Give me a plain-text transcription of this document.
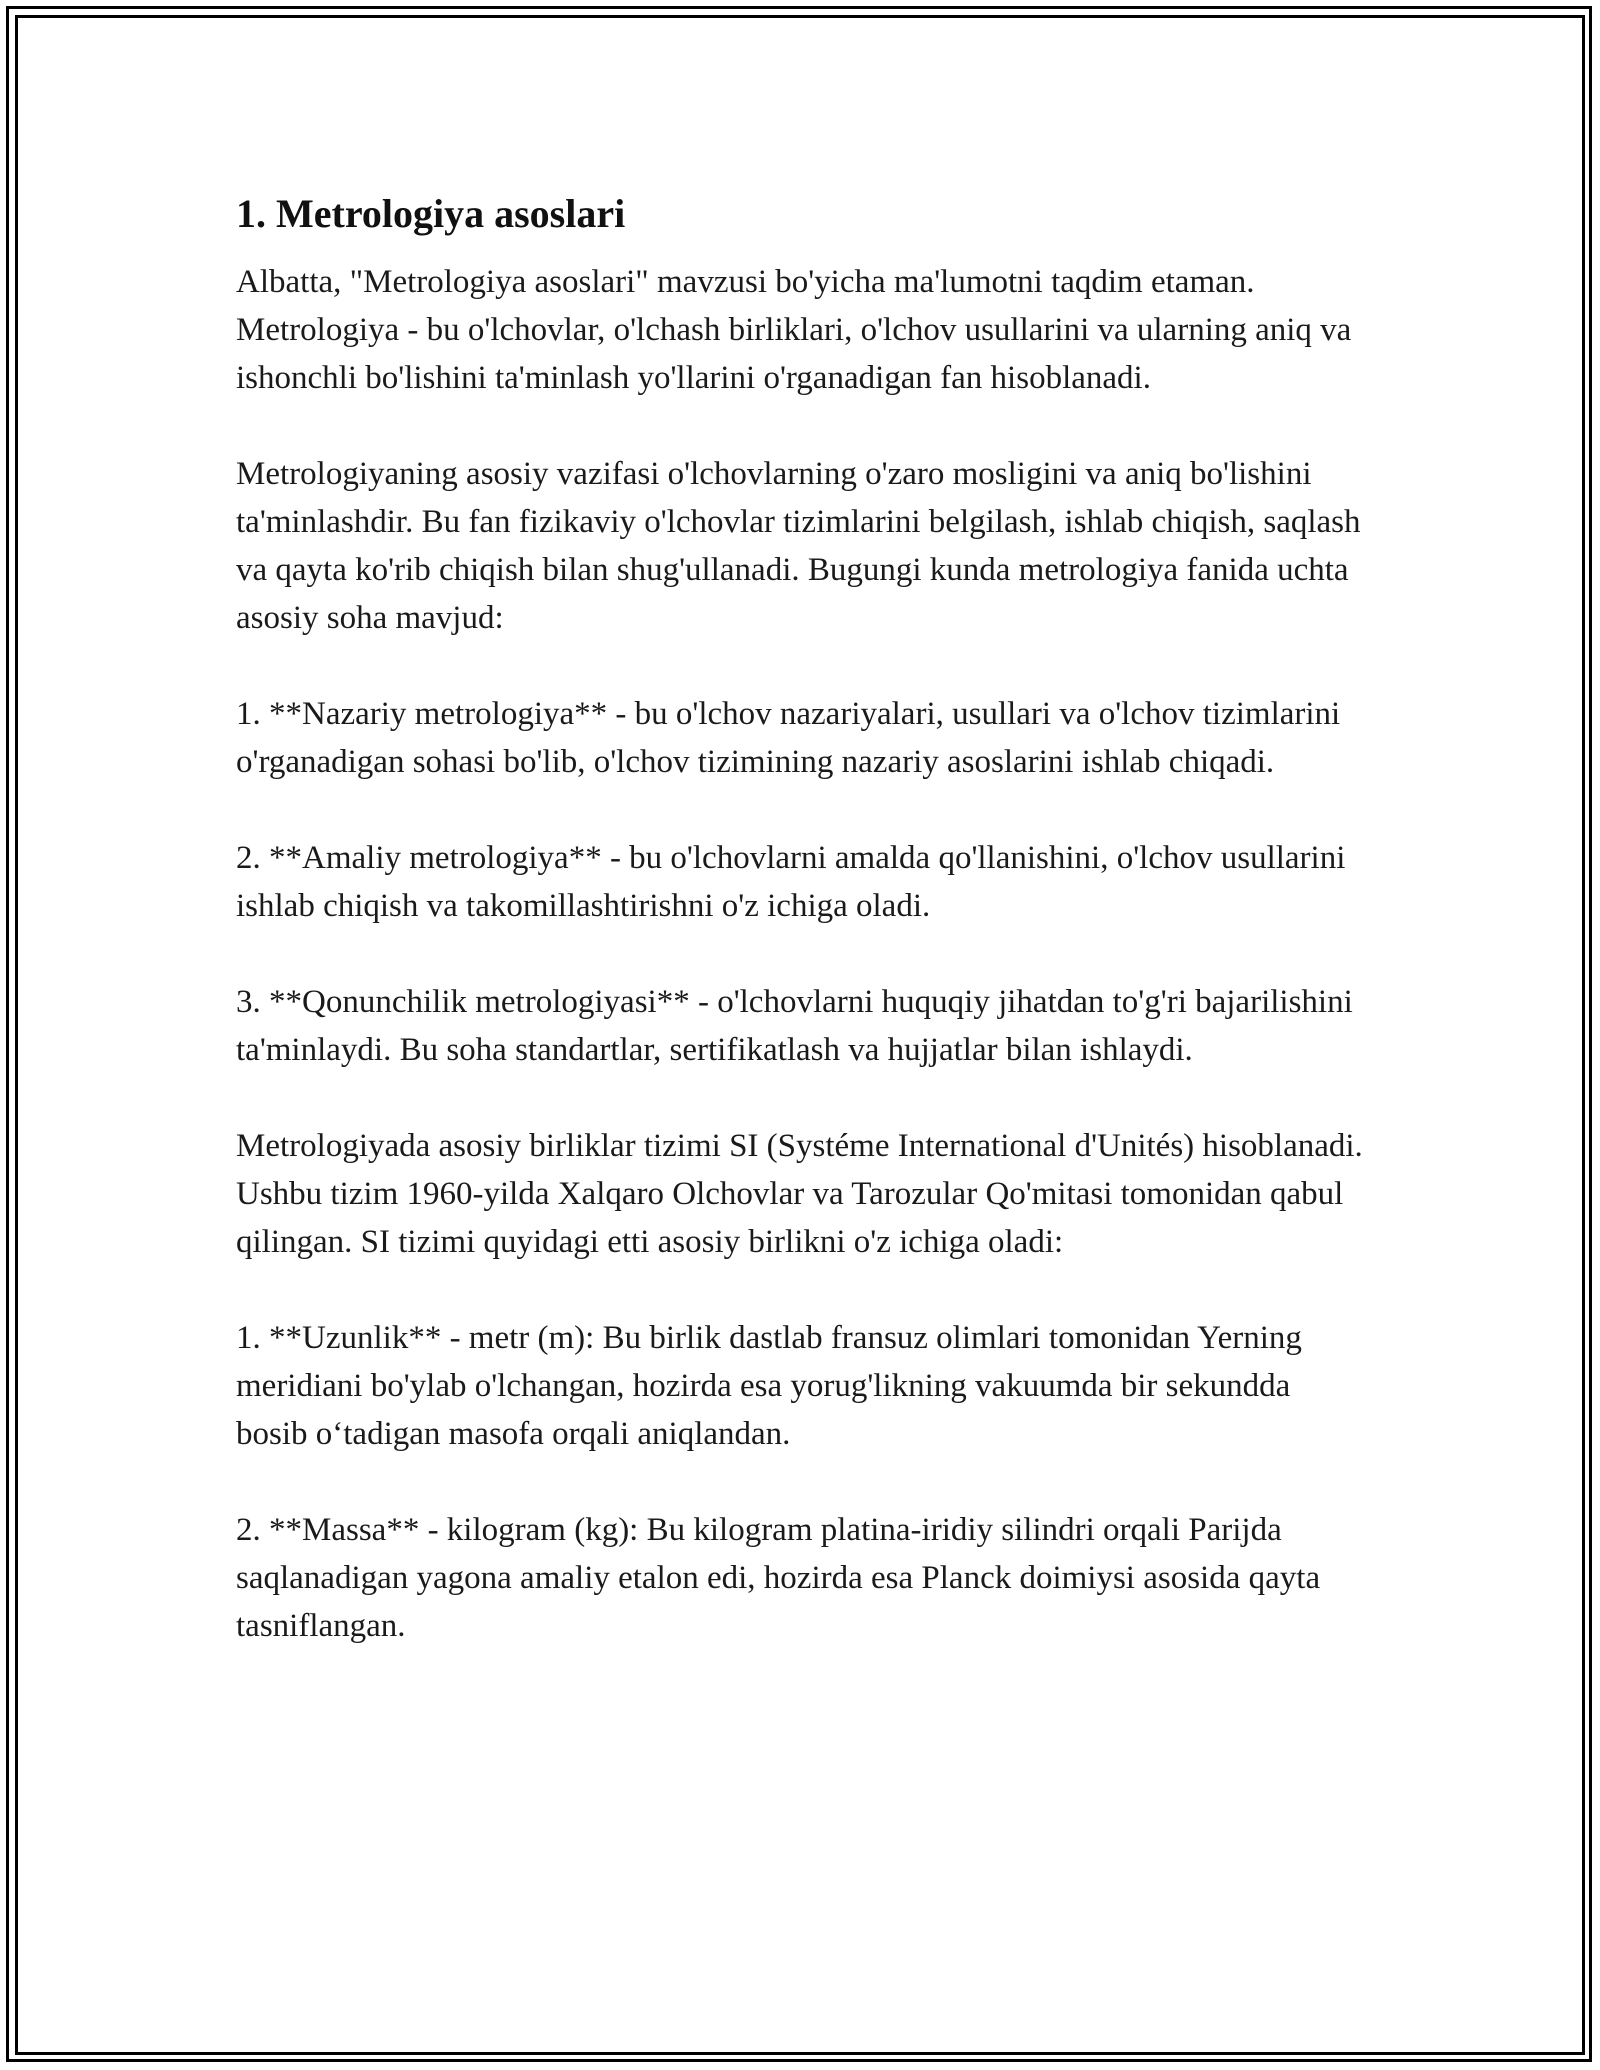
1. Metrologiya asoslari

Albatta, "Metrologiya asoslari" mavzusi bo'yicha ma'lumotni taqdim etaman. Metrologiya - bu o'lchovlar, o'lchash birliklari, o'lchov usullarini va ularning aniq va ishonchli bo'lishini ta'minlash yo'llarini o'rganadigan fan hisoblanadi.

Metrologiyaning asosiy vazifasi o'lchovlarning o'zaro mosligini va aniq bo'lishini ta'minlashdir. Bu fan fizikaviy o'lchovlar tizimlarini belgilash, ishlab chiqish, saqlash va qayta ko'rib chiqish bilan shug'ullanadi. Bugungi kunda metrologiya fanida uchta asosiy soha mavjud:

1. **Nazariy metrologiya** - bu o'lchov nazariyalari, usullari va o'lchov tizimlarini o'rganadigan sohasi bo'lib, o'lchov tizimining nazariy asoslarini ishlab chiqadi.

2. **Amaliy metrologiya** - bu o'lchovlarni amalda qo'llanishini, o'lchov usullarini ishlab chiqish va takomillashtirishni o'z ichiga oladi.

3. **Qonunchilik metrologiyasi** - o'lchovlarni huquqiy jihatdan to'g'ri bajarilishini ta'minlaydi. Bu soha standartlar, sertifikatlash va hujjatlar bilan ishlaydi.

Metrologiyada asosiy birliklar tizimi SI (Systéme International d'Unités) hisoblanadi. Ushbu tizim 1960-yilda Xalqaro Olchovlar va Tarozular Qo'mitasi tomonidan qabul qilingan. SI tizimi quyidagi etti asosiy birlikni o'z ichiga oladi:

1. **Uzunlik** - metr (m): Bu birlik dastlab fransuz olimlari tomonidan Yerning meridiani bo'ylab o'lchangan, hozirda esa yorug'likning vakuumda bir sekundda bosib o‘tadigan masofa orqali aniqlandan.

2. **Massa** - kilogram (kg): Bu kilogram platina-iridiy silindri orqali Parijda saqlanadigan yagona amaliy etalon edi, hozirda esa Planck doimiysi asosida qayta tasniflangan.
